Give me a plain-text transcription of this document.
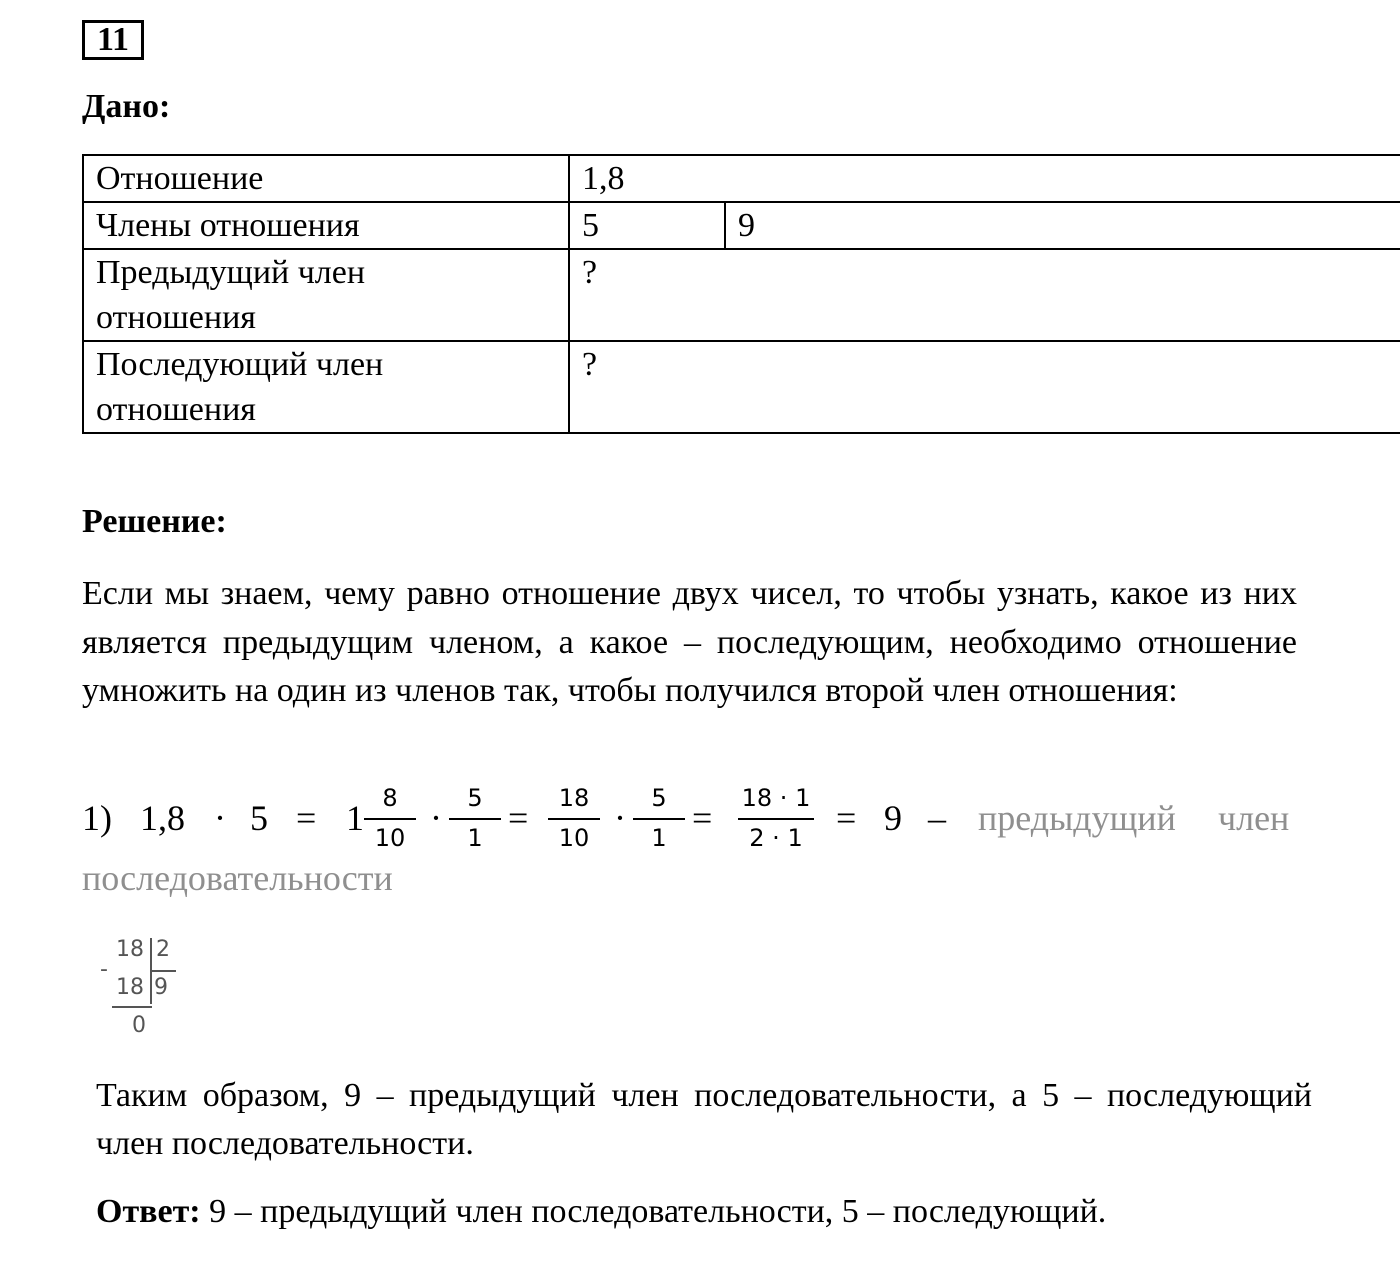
11
Дано:
Отношение	1,8	
Члены отношения	5	9
Предыдущий член
отношения	?	
Последующий член
отношения	?	
Решение:
Если мы знаем, чему равно отношение двух чисел, то чтобы узнать, какое из них является предыдущим членом, а какое – последующим, необходимо отношение умножить на один из членов так, чтобы получился второй член отношения:
1) 1,8 · 5 = 1 8
10 ·	5
1 =	18
10 ·	5
1 =	18 · 1
2 · 1 = 9 – предыдущий член
последовательности
18 2
-
18 9
0
Таким образом, 9 – предыдущий член последовательности, а 5 – последующий член последовательности.
Ответ: 9 – предыдущий член последовательности, 5 – последующий.
